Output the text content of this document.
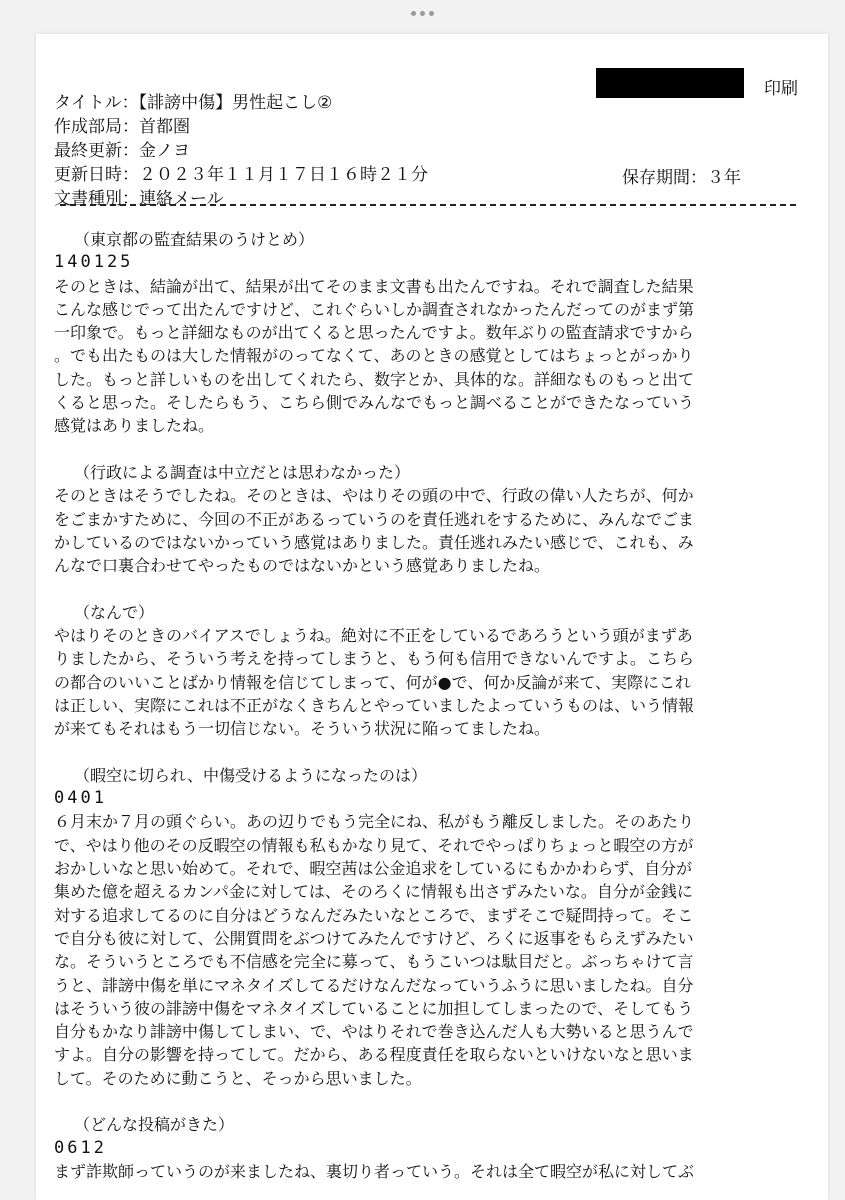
印刷
タイトル：【誹謗中傷】男性起こし②
作成部局：首都圏
最終更新：金ノヨ
更新日時：２０２３年１１月１７日１６時２１分
文書種別：連絡メール
保存期間：３年
（東京都の監査結果のうけとめ）
140125
そのときは、結論が出て、結果が出てそのまま文書も出たんですね。それで調査した結果
こんな感じでって出たんですけど、これぐらいしか調査されなかったんだってのがまず第
一印象で。もっと詳細なものが出てくると思ったんですよ。数年ぶりの監査請求ですから
。でも出たものは大した情報がのってなくて、あのときの感覚としてはちょっとがっかり
した。もっと詳しいものを出してくれたら、数字とか、具体的な。詳細なものもっと出て
くると思った。そしたらもう、こちら側でみんなでもっと調べることができたなっていう
感覚はありましたね。
（行政による調査は中立だとは思わなかった）
そのときはそうでしたね。そのときは、やはりその頭の中で、行政の偉い人たちが、何か
をごまかすために、今回の不正があるっていうのを責任逃れをするために、みんなでごま
かしているのではないかっていう感覚はありました。責任逃れみたい感じで、これも、み
んなで口裏合わせてやったものではないかという感覚ありましたね。
（なんで）
やはりそのときのバイアスでしょうね。絶対に不正をしているであろうという頭がまずあ
りましたから、そういう考えを持ってしまうと、もう何も信用できないんですよ。こちら
の都合のいいことばかり情報を信じてしまって、何が●で、何か反論が来て、実際にこれ
は正しい、実際にこれは不正がなくきちんとやっていましたよっていうものは、いう情報
が来てもそれはもう一切信じない。そういう状況に陥ってましたね。
（暇空に切られ、中傷受けるようになったのは）
0401
６月末か７月の頭ぐらい。あの辺りでもう完全にね、私がもう離反しました。そのあたり
で、やはり他のその反暇空の情報も私もかなり見て、それでやっぱりちょっと暇空の方が
おかしいなと思い始めて。それで、暇空茜は公金追求をしているにもかかわらず、自分が
集めた億を超えるカンパ金に対しては、そのろくに情報も出さずみたいな。自分が金銭に
対する追求してるのに自分はどうなんだみたいなところで、まずそこで疑問持って。そこ
で自分も彼に対して、公開質問をぶつけてみたんですけど、ろくに返事をもらえずみたい
な。そういうところでも不信感を完全に募って、もうこいつは駄目だと。ぶっちゃけて言
うと、誹謗中傷を単にマネタイズしてるだけなんだなっていうふうに思いましたね。自分
はそういう彼の誹謗中傷をマネタイズしていることに加担してしまったので、そしてもう
自分もかなり誹謗中傷してしまい、で、やはりそれで巻き込んだ人も大勢いると思うんで
すよ。自分の影響を持ってして。だから、ある程度責任を取らないといけないなと思いま
して。そのために動こうと、そっから思いました。
（どんな投稿がきた）
0612
まず詐欺師っていうのが来ましたね、裏切り者っていう。それは全て暇空が私に対してぶ
